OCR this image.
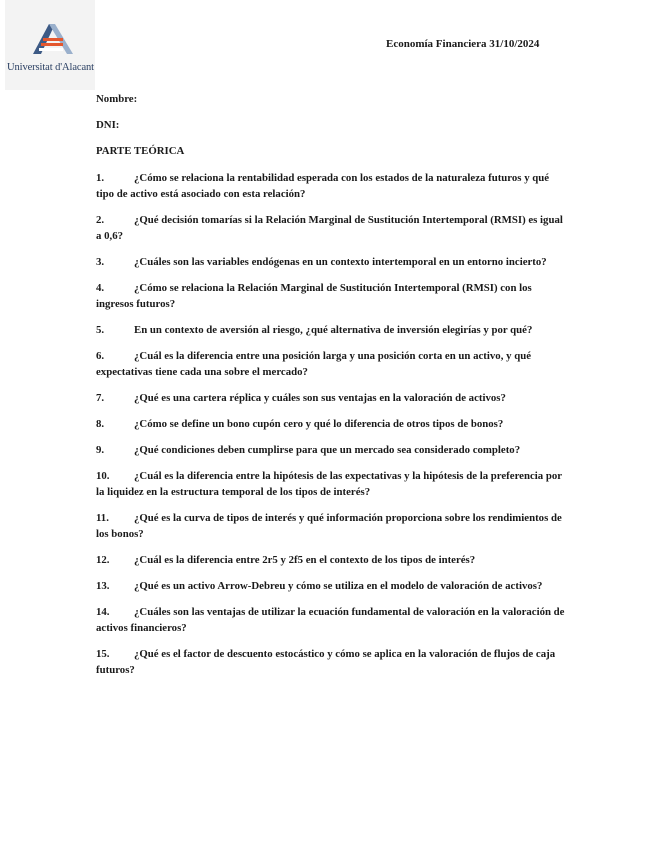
Universitat d'Alacant
Economía Financiera 31/10/2024
Nombre:
DNI:
PARTE TEÓRICA
1.	¿Cómo se relaciona la rentabilidad esperada con los estados de la naturaleza futuros y qué tipo de activo está asociado con esta relación?
2.	¿Qué decisión tomarías si la Relación Marginal de Sustitución Intertemporal (RMSI) es igual a 0,6?
3.	¿Cuáles son las variables endógenas en un contexto intertemporal en un entorno incierto?
4.	¿Cómo se relaciona la Relación Marginal de Sustitución Intertemporal (RMSI) con los ingresos futuros?
5.	En un contexto de aversión al riesgo, ¿qué alternativa de inversión elegirías y por qué?
6.	¿Cuál es la diferencia entre una posición larga y una posición corta en un activo, y qué expectativas tiene cada una sobre el mercado?
7.	¿Qué es una cartera réplica y cuáles son sus ventajas en la valoración de activos?
8.	¿Cómo se define un bono cupón cero y qué lo diferencia de otros tipos de bonos?
9.	¿Qué condiciones deben cumplirse para que un mercado sea considerado completo?
10. ¿Cuál es la diferencia entre la hipótesis de las expectativas y la hipótesis de la preferencia por la liquidez en la estructura temporal de los tipos de interés?
11. ¿Qué es la curva de tipos de interés y qué información proporciona sobre los rendimientos de los bonos?
12. ¿Cuál es la diferencia entre 2r5 y 2f5 en el contexto de los tipos de interés?
13. ¿Qué es un activo Arrow-Debreu y cómo se utiliza en el modelo de valoración de activos?
14. ¿Cuáles son las ventajas de utilizar la ecuación fundamental de valoración en la valoración de activos financieros?
15. ¿Qué es el factor de descuento estocástico y cómo se aplica en la valoración de flujos de caja futuros?
